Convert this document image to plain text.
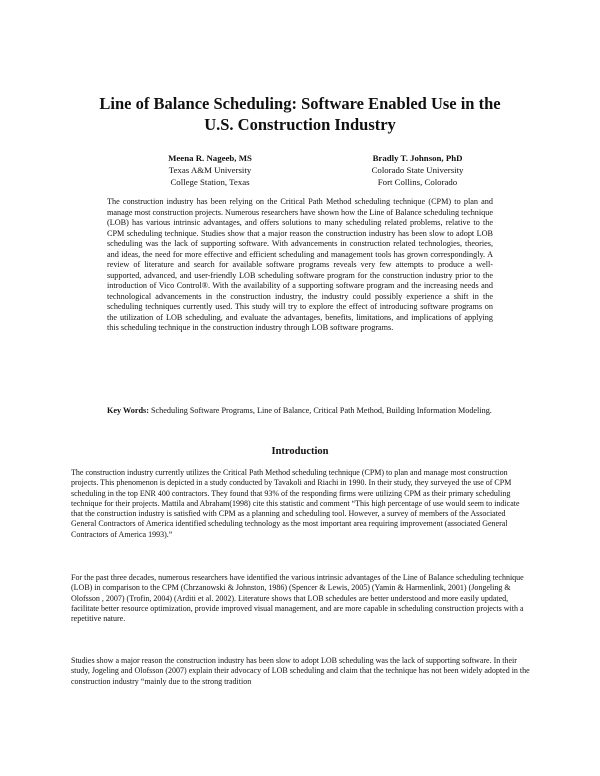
Line of Balance Scheduling: Software Enabled Use in the
U.S. Construction Industry
Meena R. Nageeb, MS
Texas A&M University
College Station, Texas
Bradly T. Johnson, PhD
Colorado State University
Fort Collins, Colorado

The construction industry has been relying on the Critical Path Method scheduling technique (CPM) to plan and manage most construction projects. Numerous researchers have shown how the Line of Balance scheduling technique (LOB) has various intrinsic advantages, and offers solutions to many scheduling related problems, relative to the CPM scheduling technique. Studies show that a major reason the construction industry has been slow to adopt LOB scheduling was the lack of supporting software. With advancements in construction related technologies, theories, and ideas, the need for more effective and efficient scheduling and management tools has grown correspondingly. A review of literature and search for available software programs reveals very few attempts to produce a well-supported, advanced, and user-friendly LOB scheduling software program for the construction industry prior to the introduction of Vico Control®. With the availability of a supporting software program and the increasing needs and technological advancements in the construction industry, the industry could possibly experience a shift in the scheduling techniques currently used. This study will try to explore the effect of introducing software programs on the utilization of LOB scheduling, and evaluate the advantages, benefits, limitations, and implications of applying this scheduling technique in the construction industry through LOB software programs.

Key Words: Scheduling Software Programs, Line of Balance, Critical Path Method, Building Information Modeling.
Introduction
The construction industry currently utilizes the Critical Path Method scheduling technique (CPM) to plan and manage most construction projects. This phenomenon is depicted in a study conducted by Tavakoli and Riachi in 1990. In their study, they surveyed the use of CPM scheduling in the top ENR 400 contractors. They found that 93% of the responding firms were utilizing CPM as their primary scheduling technique for their projects. Mattila and Abraham(1998) cite this statistic and comment “This high percentage of use would seem to indicate that the construction industry is satisfied with CPM as a planning and scheduling tool. However, a survey of members of the Associated General Contractors of America identified scheduling technology as the most important area requiring improvement (associated General Contractors of America 1993).”
For the past three decades, numerous researchers have identified the various intrinsic advantages of the Line of Balance scheduling technique (LOB) in comparison to the CPM (Chrzanowski & Johnston, 1986) (Spencer & Lewis, 2005) (Yamin & Harmenlink, 2001) (Jongeling & Olofsson , 2007) (Trofin, 2004) (Arditi et al. 2002). Literature shows that LOB schedules are better understood and more easily updated, facilitate better resource optimization, provide improved visual management, and are more capable in scheduling construction projects with a repetitive nature.
Studies show a major reason the construction industry has been slow to adopt LOB scheduling was the lack of supporting software. In their study, Jogeling and Olofsson (2007) explain their advocacy of LOB scheduling and claim that the technique has not been widely adopted in the construction industry “mainly due to the strong tradition
